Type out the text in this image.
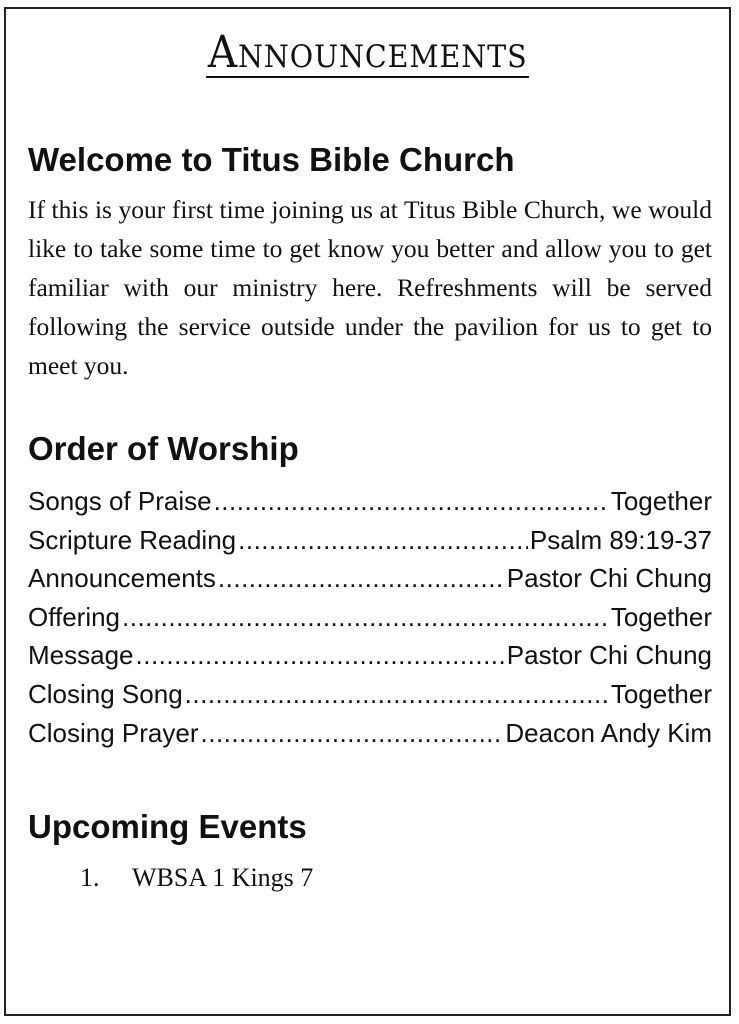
Announcements
Welcome to Titus Bible Church

If this is your first time joining us at Titus Bible Church, we would like to take some time to get know you better and allow you to get familiar with our ministry here. Refreshments will be served following the service outside under the pavilion for us to get to meet you.

Order of Worship
Songs of Praise .....	Together
Scripture Reading .....	Psalm 89:19-37
Announcements .....	Pastor Chi Chung
Offering .....	Together
Message .....	Pastor Chi Chung
Closing Song .....	Together
Closing Prayer .....	Deacon Andy Kim
Upcoming Events
1. WBSA 1 Kings 7
